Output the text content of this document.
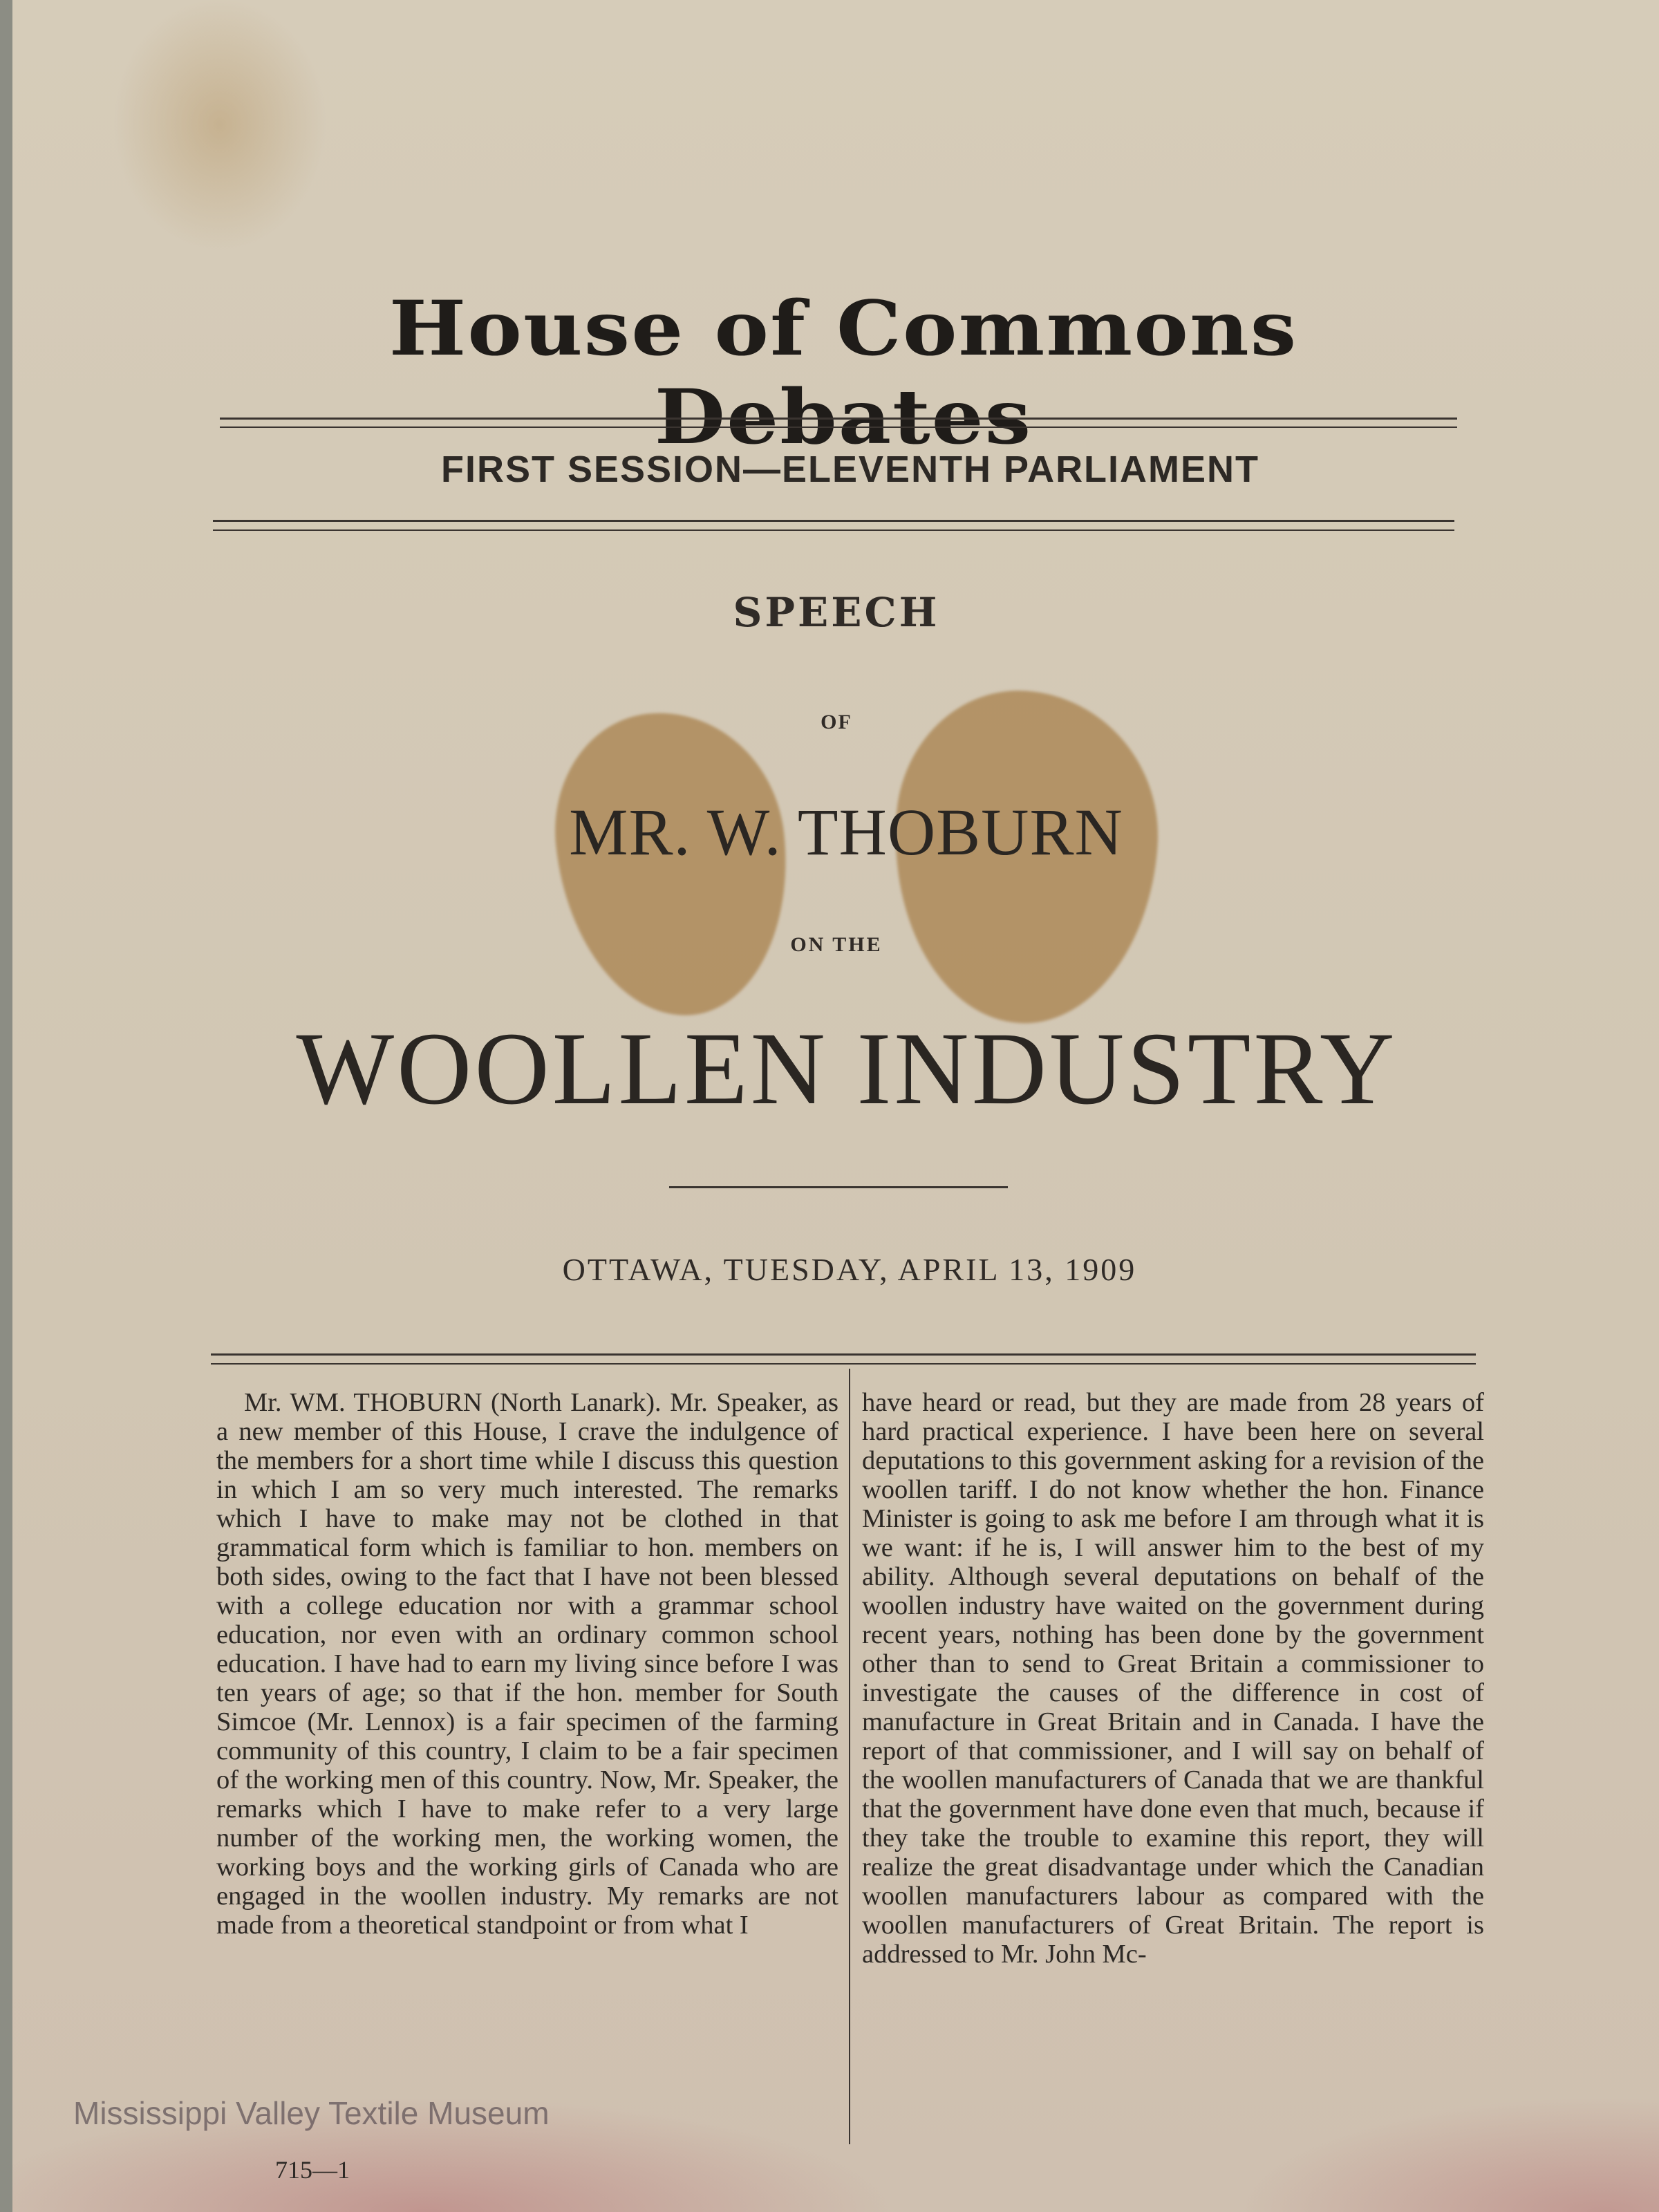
House of Commons Debates
FIRST SESSION—ELEVENTH PARLIAMENT
SPEECH
OF
MR. W. THOBURN
ON THE
WOOLLEN INDUSTRY
OTTAWA, TUESDAY, APRIL 13, 1909

Mr. WM. THOBURN (North Lanark). Mr. Speaker, as a new member of this House, I crave the indulgence of the members for a short time while I discuss this question in which I am so very much interested. The remarks which I have to make may not be clothed in that grammatical form which is familiar to hon. members on both sides, owing to the fact that I have not been blessed with a college education nor with a grammar school education, nor even with an ordinary common school education. I have had to earn my living since before I was ten years of age; so that if the hon. member for South Simcoe (Mr. Lennox) is a fair specimen of the farming community of this country, I claim to be a fair specimen of the working men of this country. Now, Mr. Speaker, the remarks which I have to make refer to a very large number of the working men, the working women, the working boys and the working girls of Canada who are engaged in the woollen industry. My remarks are not made from a theoretical standpoint or from what I

have heard or read, but they are made from 28 years of hard practical experience. I have been here on several deputations to this government asking for a revision of the woollen tariff. I do not know whether the hon. Finance Minister is going to ask me before I am through what it is we want: if he is, I will answer him to the best of my ability. Although several deputations on behalf of the woollen industry have waited on the government during recent years, nothing has been done by the government other than to send to Great Britain a commissioner to investigate the causes of the difference in cost of manufacture in Great Britain and in Canada. I have the report of that commissioner, and I will say on behalf of the woollen manufacturers of Canada that we are thankful that the government have done even that much, because if they take the trouble to examine this report, they will realize the great disadvantage under which the Canadian woollen manufacturers labour as compared with the woollen manufacturers of Great Britain. The report is addressed to Mr. John Mc-

715—1
Mississippi Valley Textile Museum
